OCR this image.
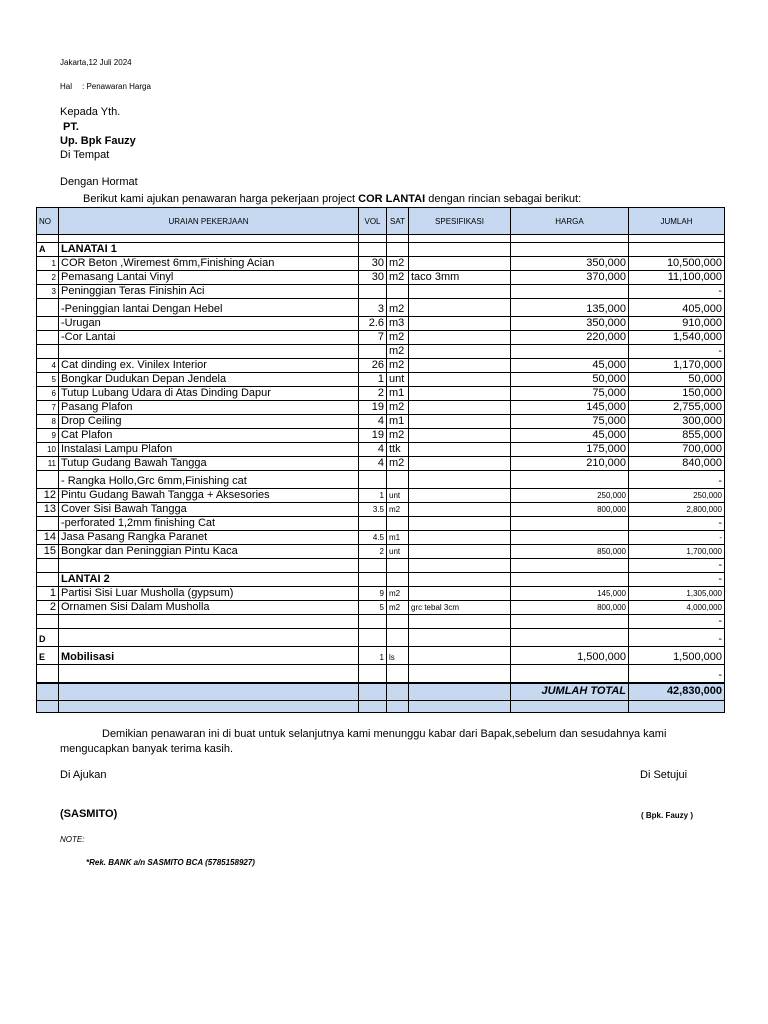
Jakarta,12 Juli 2024
Hal : Penawaran Harga
Kepada Yth.
PT.
Up. Bpk Fauzy
Di Tempat
Dengan Hormat
Berikut kami ajukan penawaran harga pekerjaan project COR LANTAI dengan rincian sebagai berikut:
NO	URAIAN PEKERJAAN	VOL	SAT	SPESIFIKASI	HARGA	JUMLAH

A	LANATAI 1					
1	COR Beton ,Wiremest 6mm,Finishing Acian	30	m2		350,000	10,500,000
2	Pemasang Lantai Vinyl	30	m2	taco 3mm	370,000	11,100,000
3	Peninggian Teras Finishin Aci					-
	-Peninggian lantai Dengan Hebel	3	m2		135,000	405,000
	-Urugan	2.6	m3		350,000	910,000
	-Cor Lantai	7	m2		220,000	1,540,000
			m2			-
4	Cat dinding ex. Vinilex Interior	26	m2		45,000	1,170,000
5	Bongkar Dudukan Depan Jendela	1	unt		50,000	50,000
6	Tutup Lubang Udara di Atas Dinding Dapur	2	m1		75,000	150,000
7	Pasang Plafon	19	m2		145,000	2,755,000
8	Drop Ceiling	4	m1		75,000	300,000
9	Cat Plafon	19	m2		45,000	855,000
10	Instalasi Lampu Plafon	4	ttk		175,000	700,000
11	Tutup Gudang Bawah Tangga	4	m2		210,000	840,000
	- Rangka Hollo,Grc 6mm,Finishing cat					-
12	Pintu Gudang Bawah Tangga + Aksesories	1	unt		250,000	250,000
13	Cover Sisi Bawah Tangga	3.5	m2		800,000	2,800,000
	-perforated 1,2mm finishing Cat					-
14	Jasa Pasang Rangka Paranet	4.5	m1			-
15	Bongkar dan Peninggian Pintu Kaca	2	unt		850,000	1,700,000
						-
	LANTAI 2					-
1	Partisi Sisi Luar Musholla (gypsum)	9	m2		145,000	1,305,000
2	Ornamen Sisi Dalam Musholla	5	m2	grc tebal 3cm	800,000	4,000,000
						-
D						-
E	Mobilisasi	1	ls		1,500,000	1,500,000
						-
					JUMLAH TOTAL	42,830,000

Demikian penawaran ini di buat untuk selanjutnya kami menunggu kabar dari Bapak,sebelum dan sesudahnya kami
mengucapkan banyak terima kasih.
Di Ajukan	Di Setujui
(SASMITO)	( Bpk. Fauzy )
NOTE:
*Rek. BANK a/n SASMITO BCA (5785158927)
